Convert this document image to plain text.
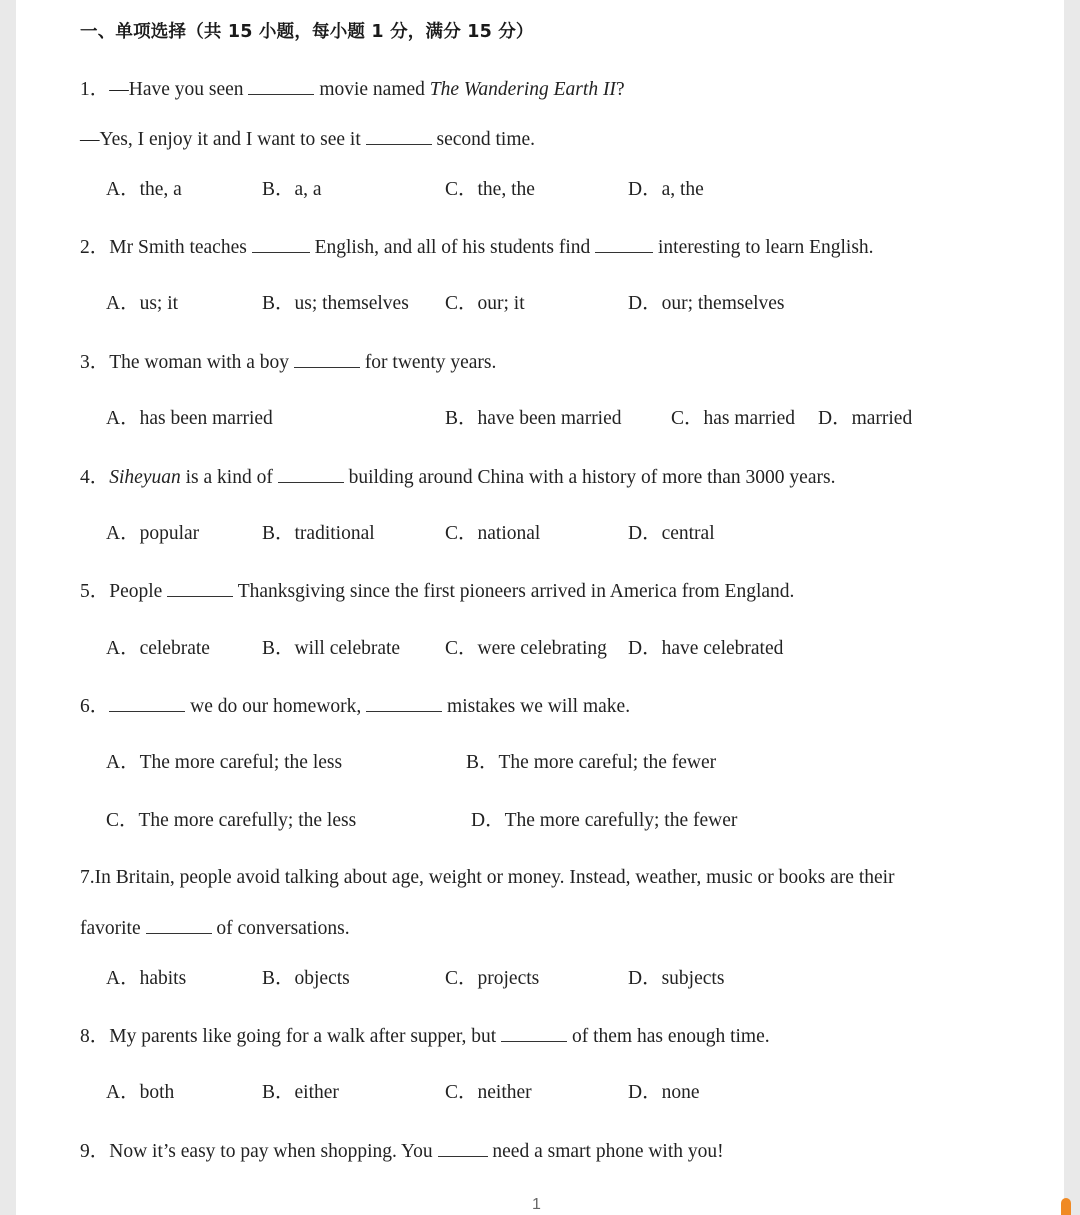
一、单项选择（共 15 小题，每小题 1 分，满分 15 分）
1．—Have you seen	movie named The Wandering Earth II?
—Yes, I enjoy it and I want to see it	second time.
A．the, a	B．a, a	C．the, the	D．a, the
2．Mr Smith teaches	English, and all of his students find	interesting to learn English.
A．us; it	B．us; themselves C．our; it	D．our; themselves
3．The woman with a boy	for twenty years.
A．has been married	B．have been married	C．has married D．married
4．Siheyuan is a kind of	building around China with a history of more than 3000 years.
A．popular	B．traditional	C．national	D．central
5．People	Thanksgiving since the first pioneers arrived in America from England.
A．celebrate	B．will celebrate C．were celebrating D．have celebrated
6．	we do our homework,	mistakes we will make.
A．The more careful; the less	B．The more careful; the fewer
C．The more carefully; the less	D．The more carefully; the fewer
7.In Britain, people avoid talking about age, weight or money. Instead, weather, music or books are their
favorite	of conversations.
A．habits	B．objects	C．projects	D．subjects
8．My parents like going for a walk after supper, but	of them has enough time.
A．both	B．either	C．neither	D．none
9．Now it’s easy to pay when shopping. You	need a smart phone with you!
1
